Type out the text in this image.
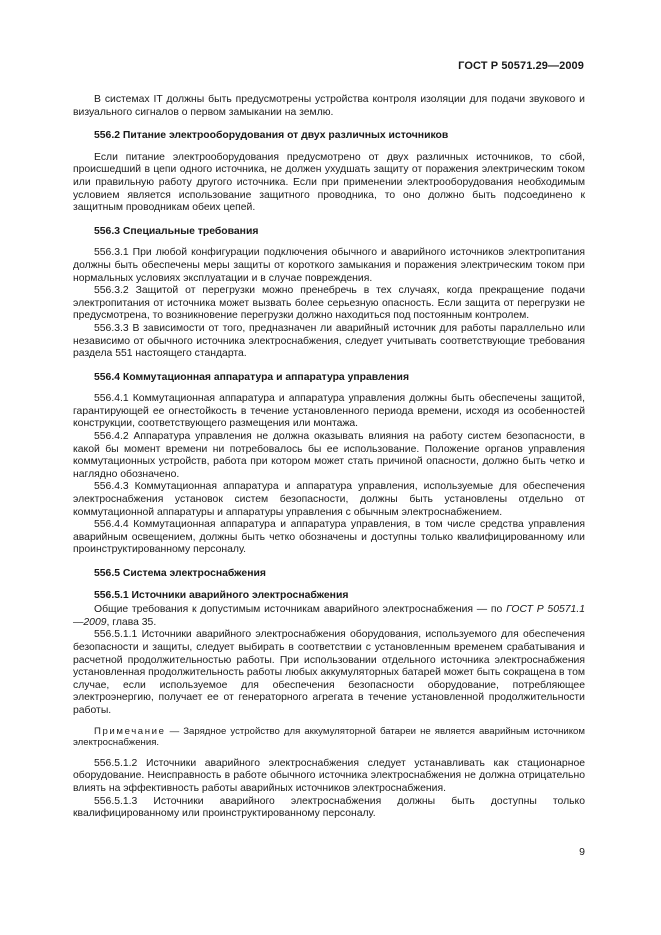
ГОСТ Р 50571.29—2009

В системах IT должны быть предусмотрены устройства контроля изоляции для подачи звукового и визуального сигналов о первом замыкании на землю.

556.2 Питание электрооборудования от двух различных источников

Если питание электрооборудования предусмотрено от двух различных источников, то сбой, происшедший в цепи одного источника, не должен ухудшать защиту от поражения электрическим током или правильную работу другого источника. Если при применении электрооборудования необходимым условием является использование защитного проводника, то оно должно быть подсоединено к защитным проводникам обеих цепей.

556.3 Специальные требования

556.3.1 При любой конфигурации подключения обычного и аварийного источников электропитания должны быть обеспечены меры защиты от короткого замыкания и поражения электрическим током при нормальных условиях эксплуатации и в случае повреждения.

556.3.2 Защитой от перегрузки можно пренебречь в тех случаях, когда прекращение подачи электропитания от источника может вызвать более серьезную опасность. Если защита от перегрузки не предусмотрена, то возникновение перегрузки должно находиться под постоянным контролем.

556.3.3 В зависимости от того, предназначен ли аварийный источник для работы параллельно или независимо от обычного источника электроснабжения, следует учитывать соответствующие требования раздела 551 настоящего стандарта.

556.4 Коммутационная аппаратура и аппаратура управления

556.4.1 Коммутационная аппаратура и аппаратура управления должны быть обеспечены защитой, гарантирующей ее огнестойкость в течение установленного периода времени, исходя из особенностей конструкции, соответствующего размещения или монтажа.

556.4.2 Аппаратура управления не должна оказывать влияния на работу систем безопасности, в какой бы момент времени ни потребовалось бы ее использование. Положение органов управления коммутационных устройств, работа при котором может стать причиной опасности, должно быть четко и наглядно обозначено.

556.4.3 Коммутационная аппаратура и аппаратура управления, используемые для обеспечения электроснабжения установок систем безопасности, должны быть установлены отдельно от коммутационной аппаратуры и аппаратуры управления с обычным электроснабжением.

556.4.4 Коммутационная аппаратура и аппаратура управления, в том числе средства управления аварийным освещением, должны быть четко обозначены и доступны только квалифицированному или проинструктированному персоналу.

556.5 Система электроснабжения

556.5.1 Источники аварийного электроснабжения

Общие требования к допустимым источникам аварийного электроснабжения — по ГОСТ Р 50571.1—2009, глава 35.

556.5.1.1 Источники аварийного электроснабжения оборудования, используемого для обеспечения безопасности и защиты, следует выбирать в соответствии с установленным временем срабатывания и расчетной продолжительностью работы. При использовании отдельного источника электроснабжения установленная продолжительность работы любых аккумуляторных батарей может быть сокращена в том случае, если используемое для обеспечения безопасности оборудование, потребляющее электроэнергию, получает ее от генераторного агрегата в течение установленной продолжительности работы.

Примечание — Зарядное устройство для аккумуляторной батареи не является аварийным источником электроснабжения.

556.5.1.2 Источники аварийного электроснабжения следует устанавливать как стационарное оборудование. Неисправность в работе обычного источника электроснабжения не должна отрицательно влиять на эффективность работы аварийных источников электроснабжения.

556.5.1.3 Источники аварийного электроснабжения должны быть доступны только квалифицированному или проинструктированному персоналу.

9
